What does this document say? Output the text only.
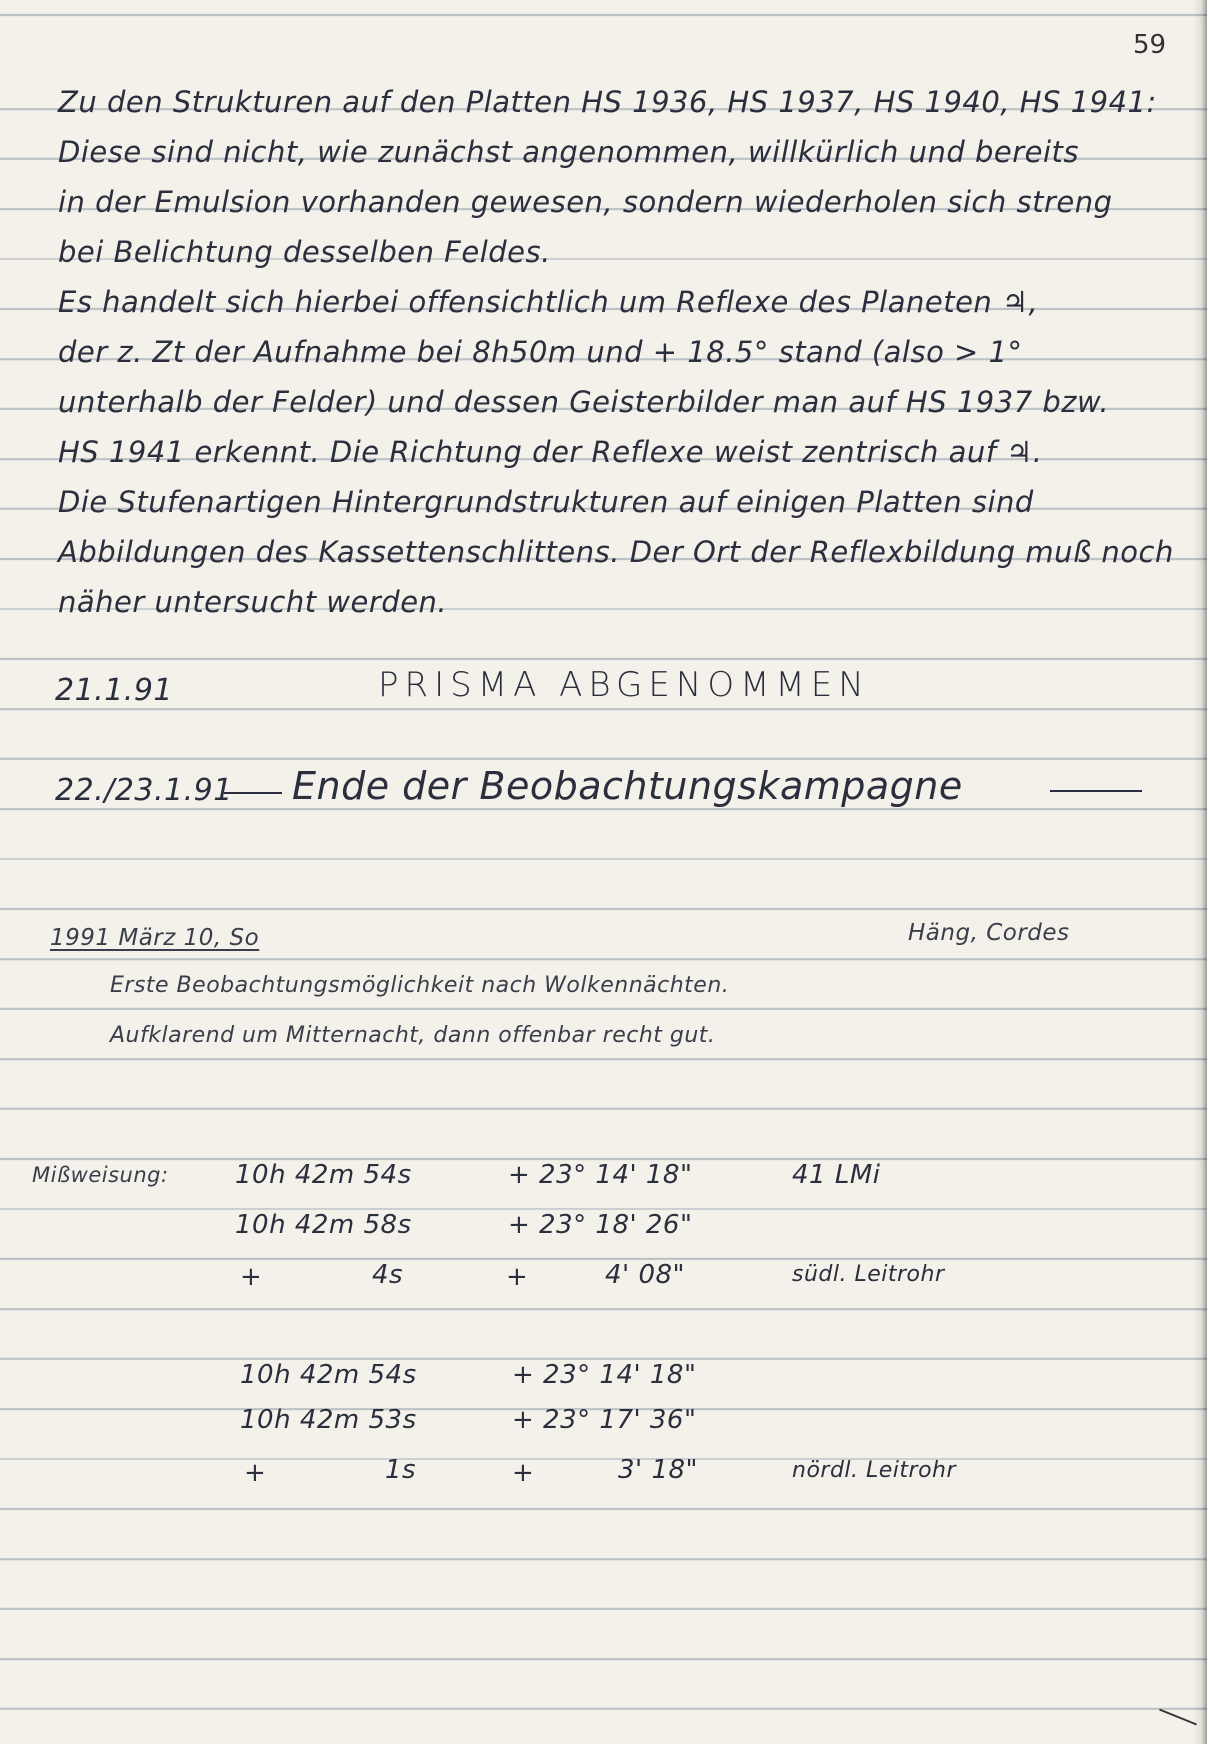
59
Zu den Strukturen auf den Platten HS 1936, HS 1937, HS 1940, HS 1941:
Diese sind nicht, wie zunächst angenommen, willkürlich und bereits
in der Emulsion vorhanden gewesen, sondern wiederholen sich streng
bei Belichtung desselben Feldes.
Es handelt sich hierbei offensichtlich um Reflexe des Planeten ♃,
der z. Zt der Aufnahme bei 8h50m und + 18.5° stand (also > 1°
unterhalb der Felder) und dessen Geisterbilder man auf HS 1937 bzw.
HS 1941 erkennt. Die Richtung der Reflexe weist zentrisch auf ♃.
Die Stufenartigen Hintergrundstrukturen auf einigen Platten sind
Abbildungen des Kassettenschlittens. Der Ort der Reflexbildung muß noch
näher untersucht werden.
21.1.91	PRISMA ABGENOMMEN
22./23.1.91 Ende der Beobachtungskampagne
1991 März 10, So	Häng, Cordes
Erste Beobachtungsmöglichkeit nach Wolkennächten.
Aufklarend um Mitternacht, dann offenbar recht gut.
Mißweisung:	10h 42m 54s	+ 23° 14' 18"	41 LMi
10h 42m 58s	+ 23° 18' 26"
+	4s	+	4' 08"	südl. Leitrohr
10h 42m 54s	+ 23° 14' 18"
10h 42m 53s	+ 23° 17' 36"
+	1s	+	3' 18"	nördl. Leitrohr
